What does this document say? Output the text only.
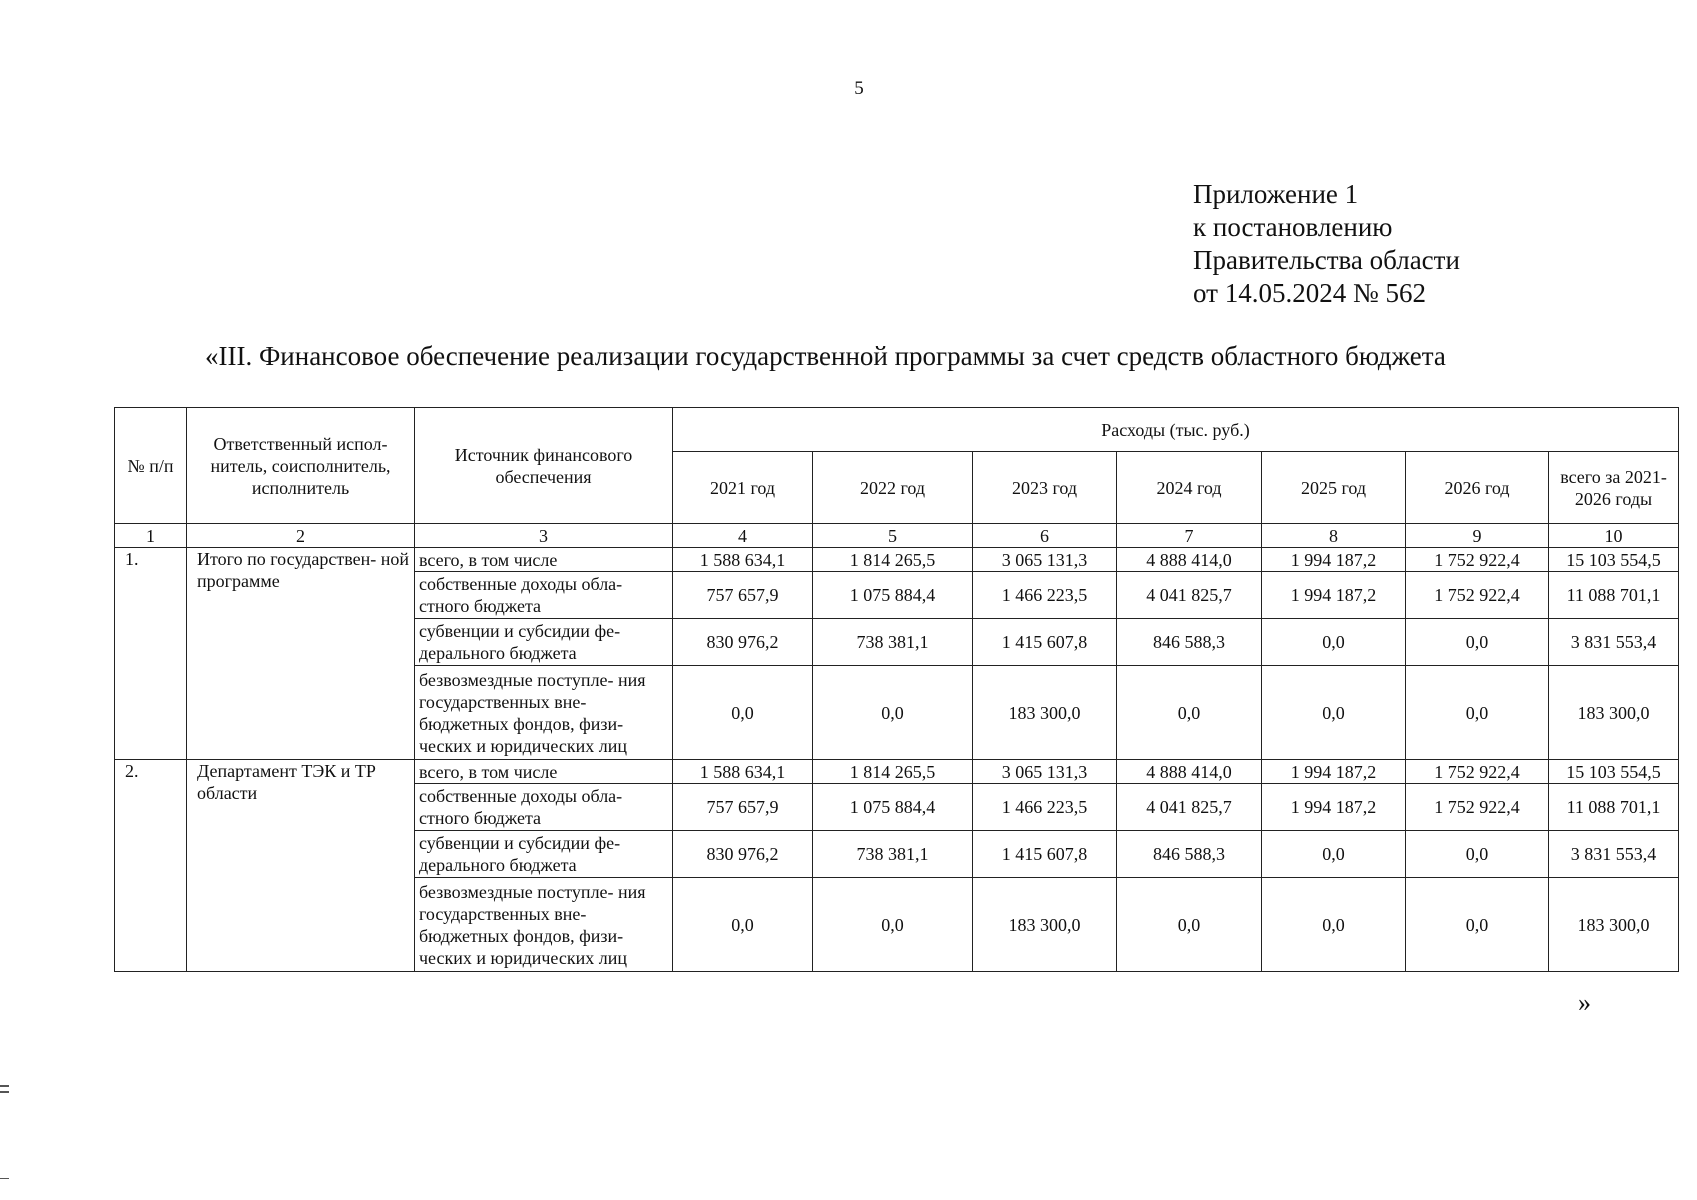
5
Приложение 1
к постановлению
Правительства области
от 14.05.2024 № 562
«III. Финансовое обеспечение реализации государственной программы за счет средств областного бюджета
№ п/п	Ответственный испол- нитель, соисполнитель, исполнитель	Источник финансового обеспечения	Расходы (тыс. руб.)						
			2021 год	2022 год	2023 год	2024 год	2025 год	2026 год	всего за 2021-2026 годы
1	2	3	4	5	6	7	8	9	10
1.	Итого по государствен- ной программе	всего, в том числе	1 588 634,1	1 814 265,5	3 065 131,3	4 888 414,0	1 994 187,2	1 752 922,4	15 103 554,5
		собственные доходы обла- стного бюджета	757 657,9	1 075 884,4	1 466 223,5	4 041 825,7	1 994 187,2	1 752 922,4	11 088 701,1
		субвенции и субсидии фе- дерального бюджета	830 976,2	738 381,1	1 415 607,8	846 588,3	0,0	0,0	3 831 553,4
		безвозмездные поступле- ния государственных вне- бюджетных фондов, физи- ческих и юридических лиц	0,0	0,0	183 300,0	0,0	0,0	0,0	183 300,0
2.	Департамент ТЭК и ТР области	всего, в том числе	1 588 634,1	1 814 265,5	3 065 131,3	4 888 414,0	1 994 187,2	1 752 922,4	15 103 554,5
		собственные доходы обла- стного бюджета	757 657,9	1 075 884,4	1 466 223,5	4 041 825,7	1 994 187,2	1 752 922,4	11 088 701,1
		субвенции и субсидии фе- дерального бюджета	830 976,2	738 381,1	1 415 607,8	846 588,3	0,0	0,0	3 831 553,4
		безвозмездные поступле- ния государственных вне- бюджетных фондов, физи- ческих и юридических лиц	0,0	0,0	183 300,0	0,0	0,0	0,0	183 300,0
»
